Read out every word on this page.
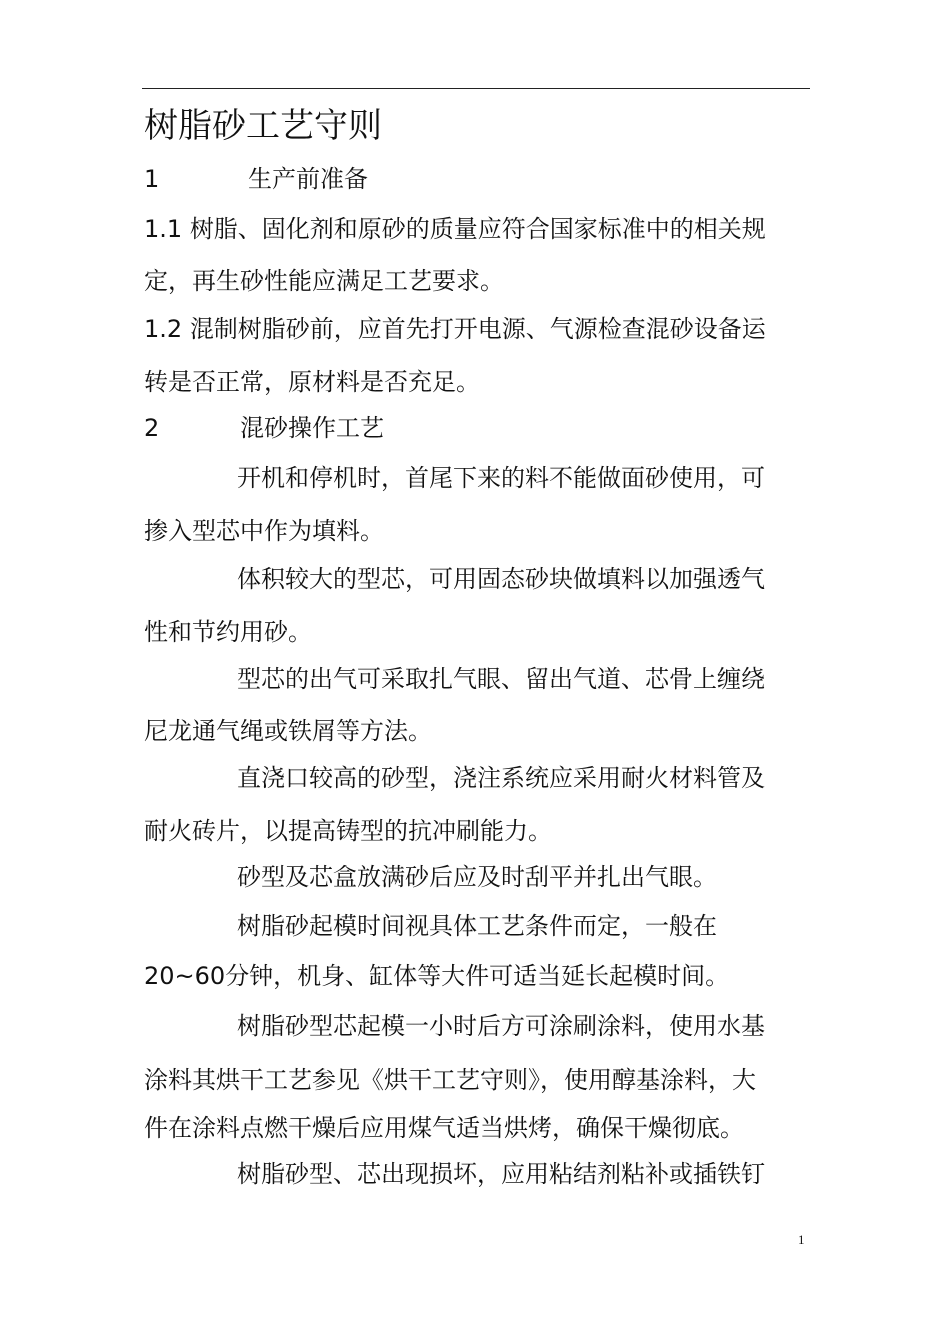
树脂砂工艺守则
1	生产前准备
1.1 树脂、固化剂和原砂的质量应符合国家标准中的相关规
定，再生砂性能应满足工艺要求。
1.2 混制树脂砂前，应首先打开电源、气源检查混砂设备运
转是否正常，原材料是否充足。
2	混砂操作工艺
开机和停机时，首尾下来的料不能做面砂使用，可
掺入型芯中作为填料。
体积较大的型芯，可用固态砂块做填料以加强透气
性和节约用砂。
型芯的出气可采取扎气眼、留出气道、芯骨上缠绕
尼龙通气绳或铁屑等方法。
直浇口较高的砂型，浇注系统应采用耐火材料管及
耐火砖片，以提高铸型的抗冲刷能力。
砂型及芯盒放满砂后应及时刮平并扎出气眼。
树脂砂起模时间视具体工艺条件而定，一般在
20~60分钟，机身、缸体等大件可适当延长起模时间。
树脂砂型芯起模一小时后方可涂刷涂料，使用水基
涂料其烘干工艺参见《烘干工艺守则》，使用醇基涂料，大
件在涂料点燃干燥后应用煤气适当烘烤，确保干燥彻底。
树脂砂型、芯出现损坏，应用粘结剂粘补或插铁钉
1
